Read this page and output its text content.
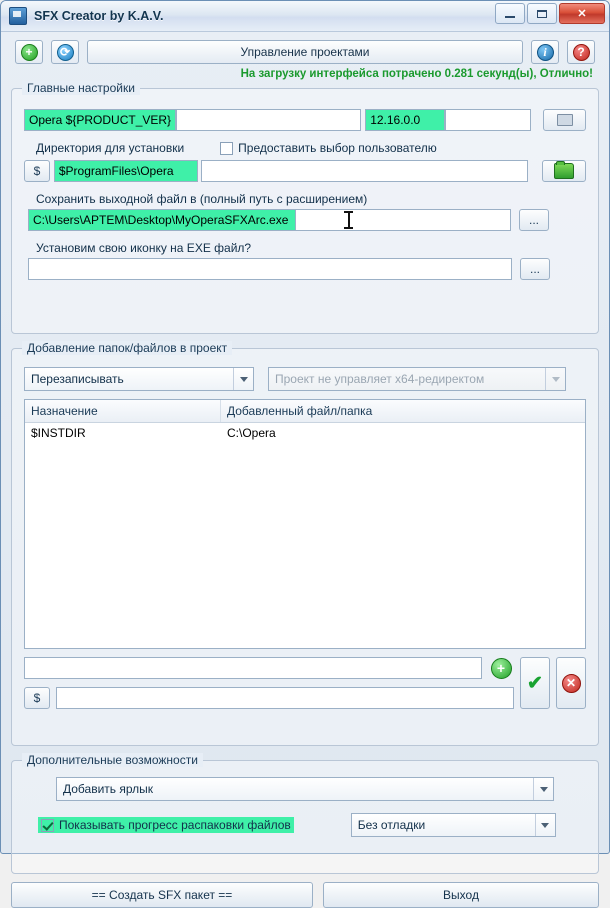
SFX Creator by K.A.V.	✕
+	⟳	Управление проектами	i	?
На загрузку интерфейса потрачено 0.281 секунд(ы), Отлично!
Главные настройки
Opera ${PRODUCT_VER}	12.16.0.0
Директория для установки	Предоставить выбор пользователю
$	$ProgramFiles\Opera
Сохранить выходной файл в (полный путь с расширением)
C:\Users\APTEM\Desktop\MyOperaSFXArc.exe	...
Установим свою иконку на EXE файл?
...
Добавление папок/файлов в проект
Перезаписывать	Проект не управляет x64-редиректом
Назначение	Добавленный файл/папка
$INSTDIR	C:\Opera
+
$
✔	✕
Дополнительные возможности
Добавить ярлык
Показывать прогресс распаковки файлов	Без отладки
== Создать SFX пакет ==	Выход
